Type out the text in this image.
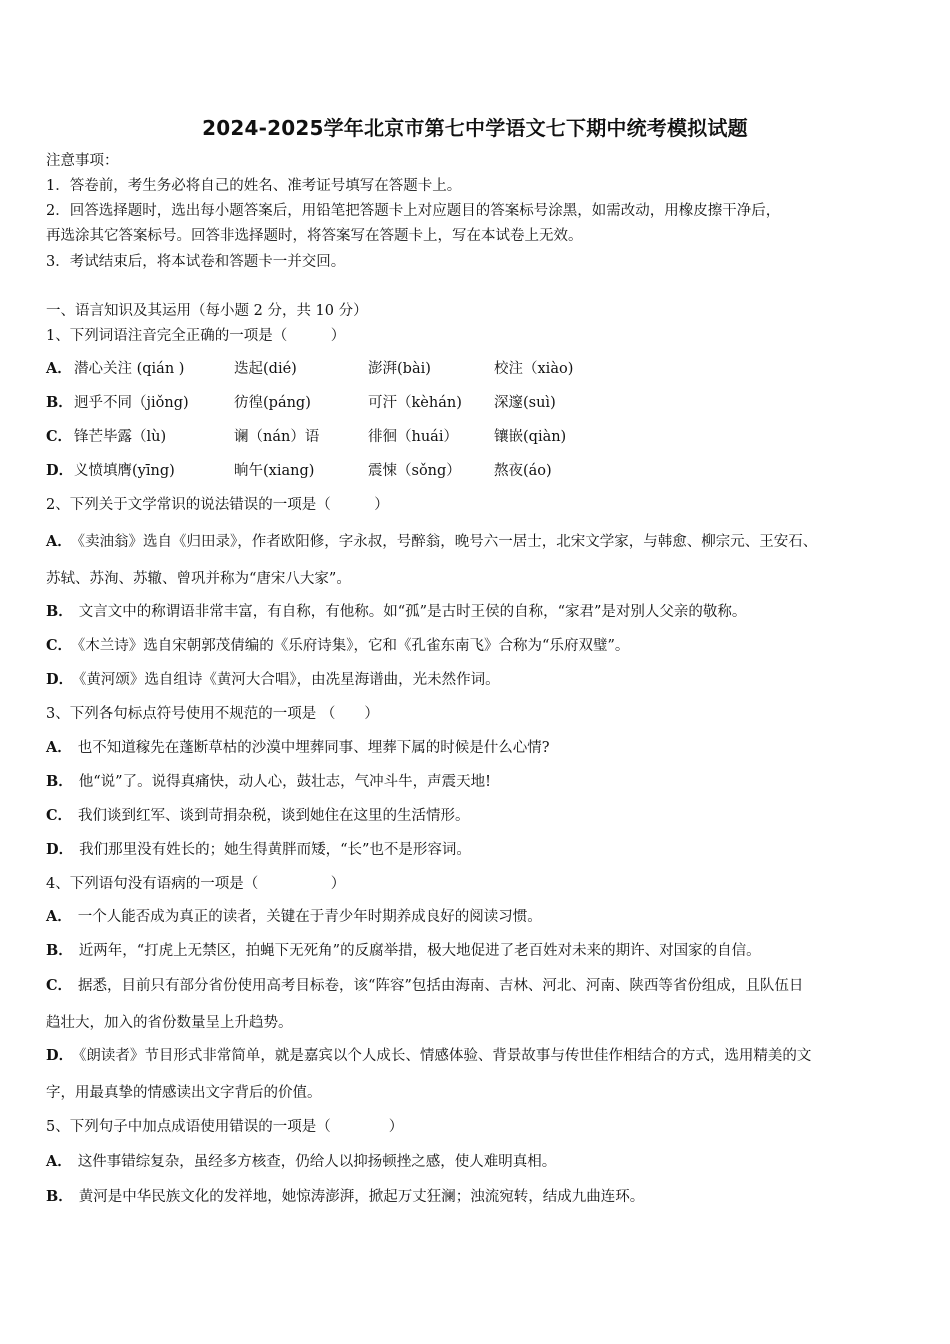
2024-2025学年北京市第七中学语文七下期中统考模拟试题
注意事项：
1．答卷前，考生务必将自己的姓名、准考证号填写在答题卡上。
2．回答选择题时，选出每小题答案后，用铅笔把答题卡上对应题目的答案标号涂黑，如需改动，用橡皮擦干净后，
再选涂其它答案标号。回答非选择题时，将答案写在答题卡上，写在本试卷上无效。
3．考试结束后，将本试卷和答题卡一并交回。
一、语言知识及其运用（每小题 2 分，共 10 分）
1、下列词语注音完全正确的一项是（　　　）
A． 潜心关注 (qián )	迭起(dié)	澎湃(bài)	校注（xiào)
B． 迥乎不同（jiǒng)	彷徨(páng)	可汗（kèhán) 深邃(suì)
C． 锋芒毕露（lù)	谰（nán）语	徘徊（huái） 镶嵌(qiàn)
D． 义愤填膺(yīng)	晌午(xiang)	震悚（sǒng） 熬夜(áo)
2、下列关于文学常识的说法错误的一项是（　　　）
A． 《卖油翁》选自《归田录》，作者欧阳修，字永叔，号醉翁，晚号六一居士，北宋文学家，与韩愈、柳宗元、王安石、
苏轼、苏洵、苏辙、曾巩并称为“唐宋八大家”。
B． 文言文中的称谓语非常丰富，有自称，有他称。如“孤”是古时王侯的自称，“家君”是对别人父亲的敬称。
C． 《木兰诗》选自宋朝郭茂倩编的《乐府诗集》，它和《孔雀东南飞》合称为“乐府双璧”。
D． 《黄河颂》选自组诗《黄河大合唱》，由冼星海谱曲，光未然作词。
3、下列各句标点符号使用不规范的一项是 （　　）
A． 也不知道稼先在蓬断草枯的沙漠中埋葬同事、埋葬下属的时候是什么心情?
B． 他“说”了。说得真痛快，动人心，鼓壮志，气冲斗牛，声震天地!
C． 我们谈到红军、谈到苛捐杂税，谈到她住在这里的生活情形。
D． 我们那里没有姓长的；她生得黄胖而矮，“长”也不是形容词。
4、下列语句没有语病的一项是（　　　　　）
A． 一个人能否成为真正的读者，关键在于青少年时期养成良好的阅读习惯。
B． 近两年，“打虎上无禁区，拍蝇下无死角”的反腐举措，极大地促进了老百姓对未来的期许、对国家的自信。
C． 据悉，目前只有部分省份使用高考目标卷，该“阵容”包括由海南、吉林、河北、河南、陕西等省份组成，且队伍日
趋壮大，加入的省份数量呈上升趋势。
D． 《朗读者》节目形式非常简单，就是嘉宾以个人成长、情感体验、背景故事与传世佳作相结合的方式，选用精美的文
字，用最真挚的情感读出文字背后的价值。
5、下列句子中加点成语使用错误的一项是（　　　　）
A． 这件事错综复杂，虽经多方核查，仍给人以抑扬顿挫之感，使人难明真相。
B． 黄河是中华民族文化的发祥地，她惊涛澎湃，掀起万丈狂澜；浊流宛转，结成九曲连环。
